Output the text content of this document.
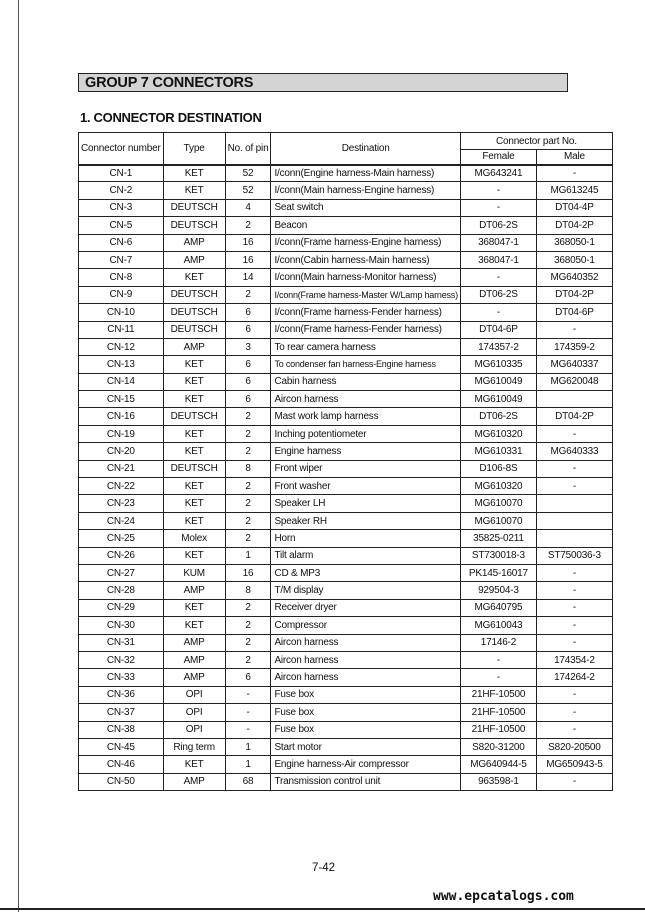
GROUP 7 CONNECTORS
1. CONNECTOR DESTINATION
Connector number	Type	No. of pin	Destination	Connector part No.	
				Female	Male
CN-1	KET	52	I/conn(Engine harness-Main harness)	MG643241	-
CN-2	KET	52	I/conn(Main harness-Engine harness)	-	MG613245
CN-3	DEUTSCH	4	Seat switch	-	DT04-4P
CN-5	DEUTSCH	2	Beacon	DT06-2S	DT04-2P
CN-6	AMP	16	I/conn(Frame harness-Engine harness)	368047-1	368050-1
CN-7	AMP	16	I/conn(Cabin harness-Main harness)	368047-1	368050-1
CN-8	KET	14	I/conn(Main harness-Monitor harness)	-	MG640352
CN-9	DEUTSCH	2	I/conn(Frame harness-Master W/Lamp harness)	DT06-2S	DT04-2P
CN-10	DEUTSCH	6	I/conn(Frame harness-Fender harness)	-	DT04-6P
CN-11	DEUTSCH	6	I/conn(Frame harness-Fender harness)	DT04-6P	-
CN-12	AMP	3	To rear camera harness	174357-2	174359-2
CN-13	KET	6	To condenser fan harness-Engine harness	MG610335	MG640337
CN-14	KET	6	Cabin harness	MG610049	MG620048
CN-15	KET	6	Aircon harness	MG610049	
CN-16	DEUTSCH	2	Mast work lamp harness	DT06-2S	DT04-2P
CN-19	KET	2	Inching potentiometer	MG610320	-
CN-20	KET	2	Engine harness	MG610331	MG640333
CN-21	DEUTSCH	8	Front wiper	D106-8S	-
CN-22	KET	2	Front washer	MG610320	-
CN-23	KET	2	Speaker LH	MG610070	
CN-24	KET	2	Speaker RH	MG610070	
CN-25	Molex	2	Horn	35825-0211	
CN-26	KET	1	Tilt alarm	ST730018-3	ST750036-3
CN-27	KUM	16	CD & MP3	PK145-16017	-
CN-28	AMP	8	T/M display	929504-3	-
CN-29	KET	2	Receiver dryer	MG640795	-
CN-30	KET	2	Compressor	MG610043	-
CN-31	AMP	2	Aircon harness	17146-2	-
CN-32	AMP	2	Aircon harness	-	174354-2
CN-33	AMP	6	Aircon harness	-	174264-2
CN-36	OPI	-	Fuse box	21HF-10500	-
CN-37	OPI	-	Fuse box	21HF-10500	-
CN-38	OPI	-	Fuse box	21HF-10500	-
CN-45	Ring term	1	Start motor	S820-31200	S820-20500
CN-46	KET	1	Engine harness-Air compressor	MG640944-5	MG650943-5
CN-50	AMP	68	Transmission control unit	963598-1	-
7-42
www.epcatalogs.com
